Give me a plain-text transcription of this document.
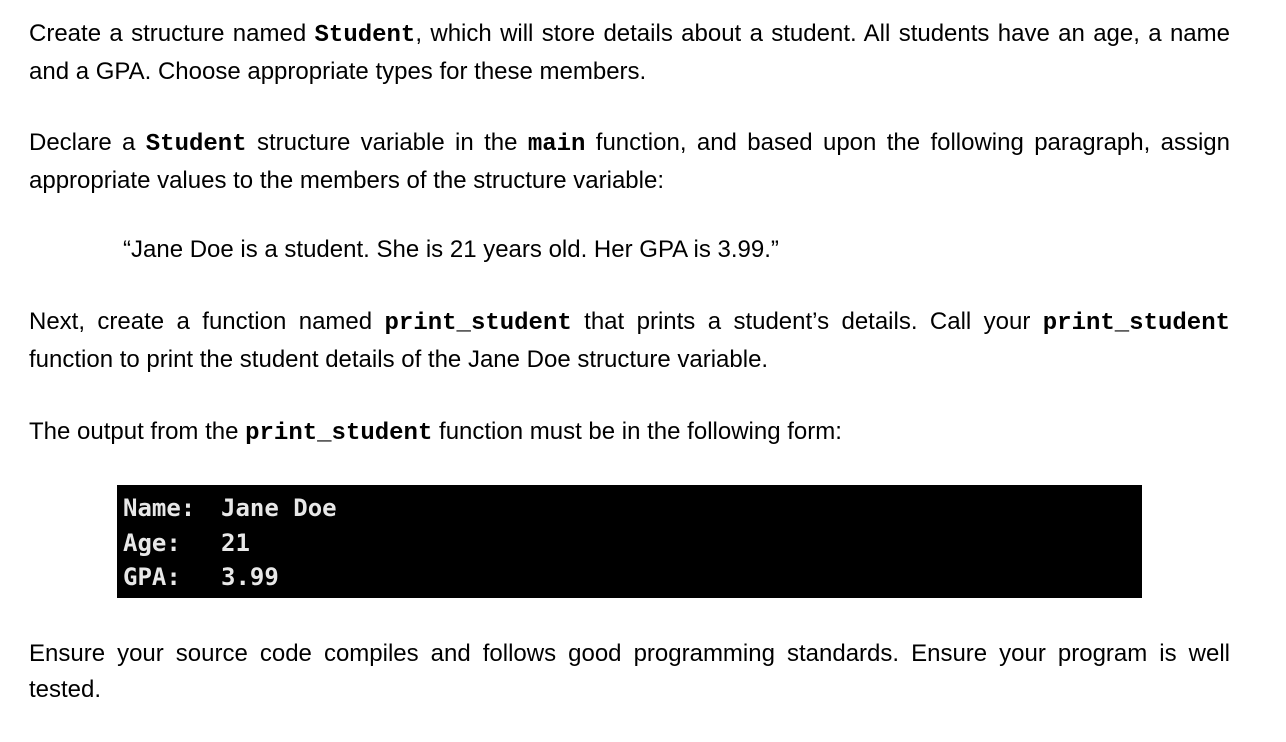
Create a structure named Student, which will store details about a student. All students have an age, a name and a GPA. Choose appropriate types for these members.

Declare a Student structure variable in the main function, and based upon the following paragraph, assign appropriate values to the members of the structure variable:

“Jane Doe is a student. She is 21 years old. Her GPA is 3.99.”

Next, create a function named print_student that prints a student’s details. Call your print_student function to print the student details of the Jane Doe structure variable.

The output from the print_student function must be in the following form:

Name:	Jane Doe
Age:	21
GPA:	3.99

Ensure your source code compiles and follows good programming standards. Ensure your program is well tested.
